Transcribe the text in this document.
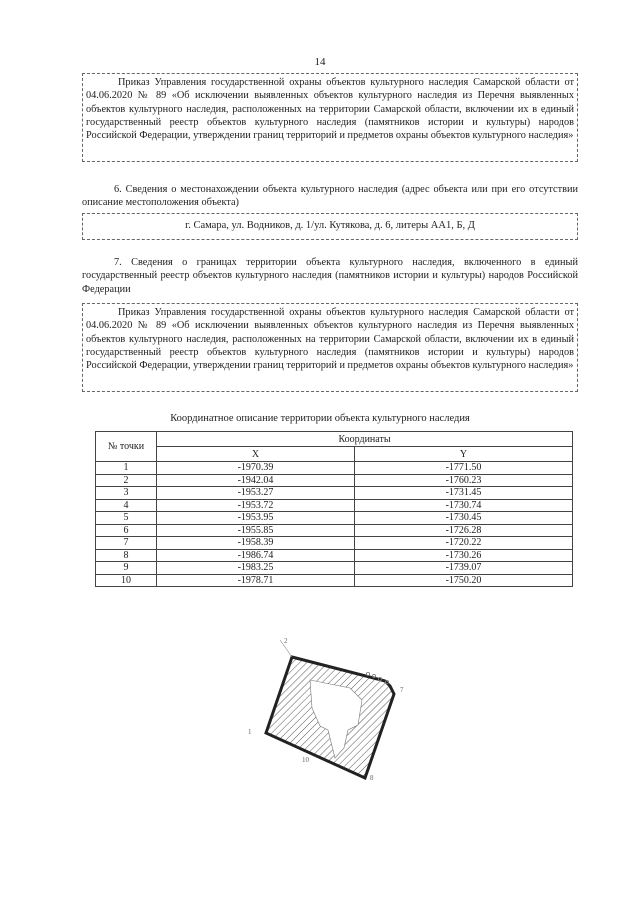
14
Приказ Управления государственной охраны объектов культурного наследия Самарской области от 04.06.2020 № 89 «Об исключении выявленных объектов культурного наследия из Перечня выявленных объектов культурного наследия, расположенных на территории Самарской области, включении их в единый государственный реестр объектов культурного наследия (памятников истории и культуры) народов Российской Федерации, утверждении границ территорий и предметов охраны объектов культурного наследия»
6. Сведения о местонахождении объекта культурного наследия (адрес объекта или при его отсутствии описание местоположения объекта)
г. Самара, ул. Водников, д. 1/ул. Кутякова, д. 6, литеры АА1, Б, Д
7. Сведения о границах территории объекта культурного наследия, включенного в единый государственный реестр объектов культурного наследия (памятников истории и культуры) народов Российской Федерации
Приказ Управления государственной охраны объектов культурного наследия Самарской области от 04.06.2020 № 89 «Об исключении выявленных объектов культурного наследия из Перечня выявленных объектов культурного наследия, расположенных на территории Самарской области, включении их в единый государственный реестр объектов культурного наследия (памятников истории и культуры) народов Российской Федерации, утверждении границ территорий и предметов охраны объектов культурного наследия»
Координатное описание территории объекта культурного наследия
№ точки	Координаты	
	X	Y
1	-1970.39	-1771.50
2	-1942.04	-1760.23
3	-1953.27	-1731.45
4	-1953.72	-1730.74
5	-1953.95	-1730.45
6	-1955.85	-1726.28
7	-1958.39	-1720.22
8	-1986.74	-1730.26
9	-1983.25	-1739.07
10	-1978.71	-1750.20
2
1
7
8
10
